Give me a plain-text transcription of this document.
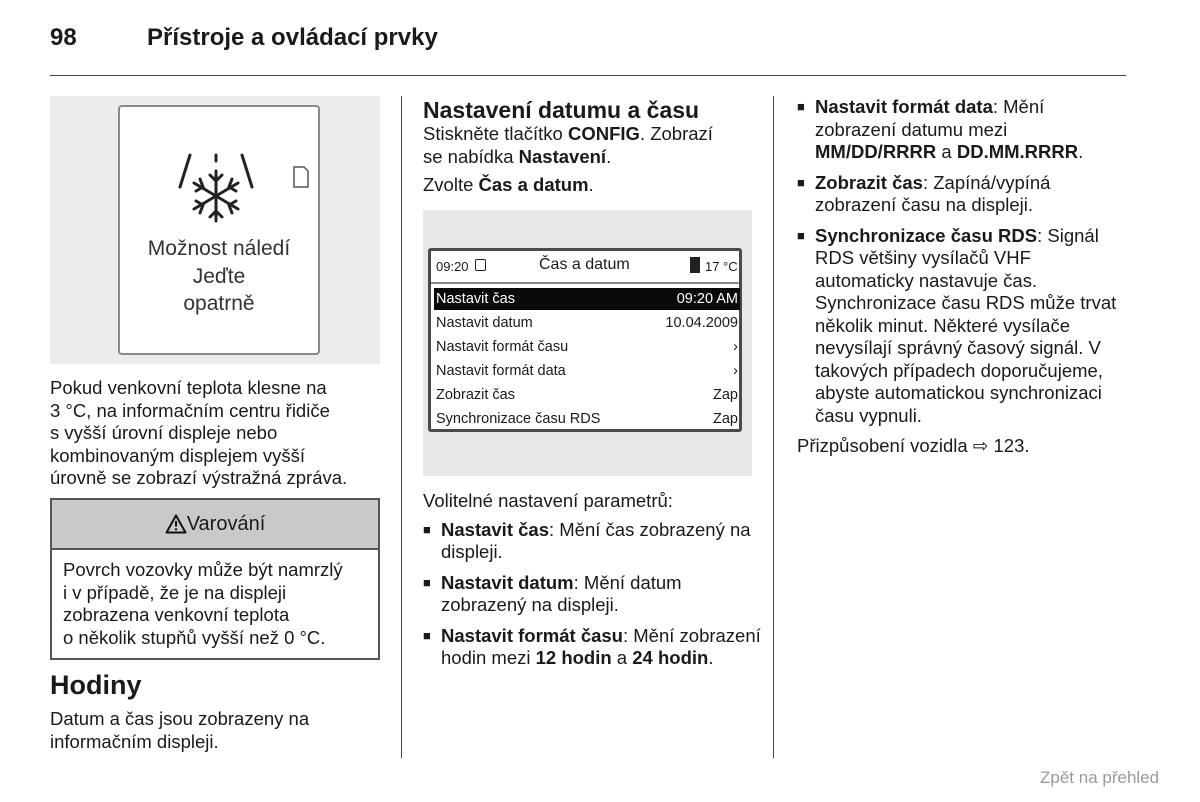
98	Přístroje a ovládací prvky
Možnost náledí
Jeďte
opatrně
Pokud venkovní teplota klesne na
3 °C, na informačním centru řidiče
s vyšší úrovní displeje nebo
kombinovaným displejem vyšší
úrovně se zobrazí výstražná zpráva.
Varování
Povrch vozovky může být namrzlý
i v případě, že je na displeji
zobrazena venkovní teplota
o několik stupňů vyšší než 0 °C.
Hodiny
Datum a čas jsou zobrazeny na
informačním displeji.
Nastavení datumu a času
Stiskněte tlačítko CONFIG. Zobrazí
se nabídka Nastavení.
Zvolte Čas a datum.
09:20	Čas a datum	17 °C
Nastavit čas	09:20 AM
Nastavit datum	10.04.2009
Nastavit formát času	›
Nastavit formát data	›
Zobrazit čas	Zap
Synchronizace času RDS	Zap

Volitelné nastavení parametrů:

■ Nastavit čas: Mění čas zobrazený na displeji.
■ Nastavit datum: Mění datum zobrazený na displeji.
■ Nastavit formát času: Mění zobrazení hodin mezi 12 hodin a 24 hodin.
■ Nastavit formát data: Mění zobrazení datumu mezi MM/DD/RRRR a DD.MM.RRRR.
■ Zobrazit čas: Zapíná/vypíná zobrazení času na displeji.
■ Synchronizace času RDS: Signál RDS většiny vysílačů VHF automaticky nastavuje čas. Synchronizace času RDS může trvat několik minut. Některé vysílače nevysílají správný časový signál. V takových případech doporučujeme, abyste automatickou synchronizaci času vypnuli.

Přizpůsobení vozidla ⇨ 123.

Zpět na přehled
